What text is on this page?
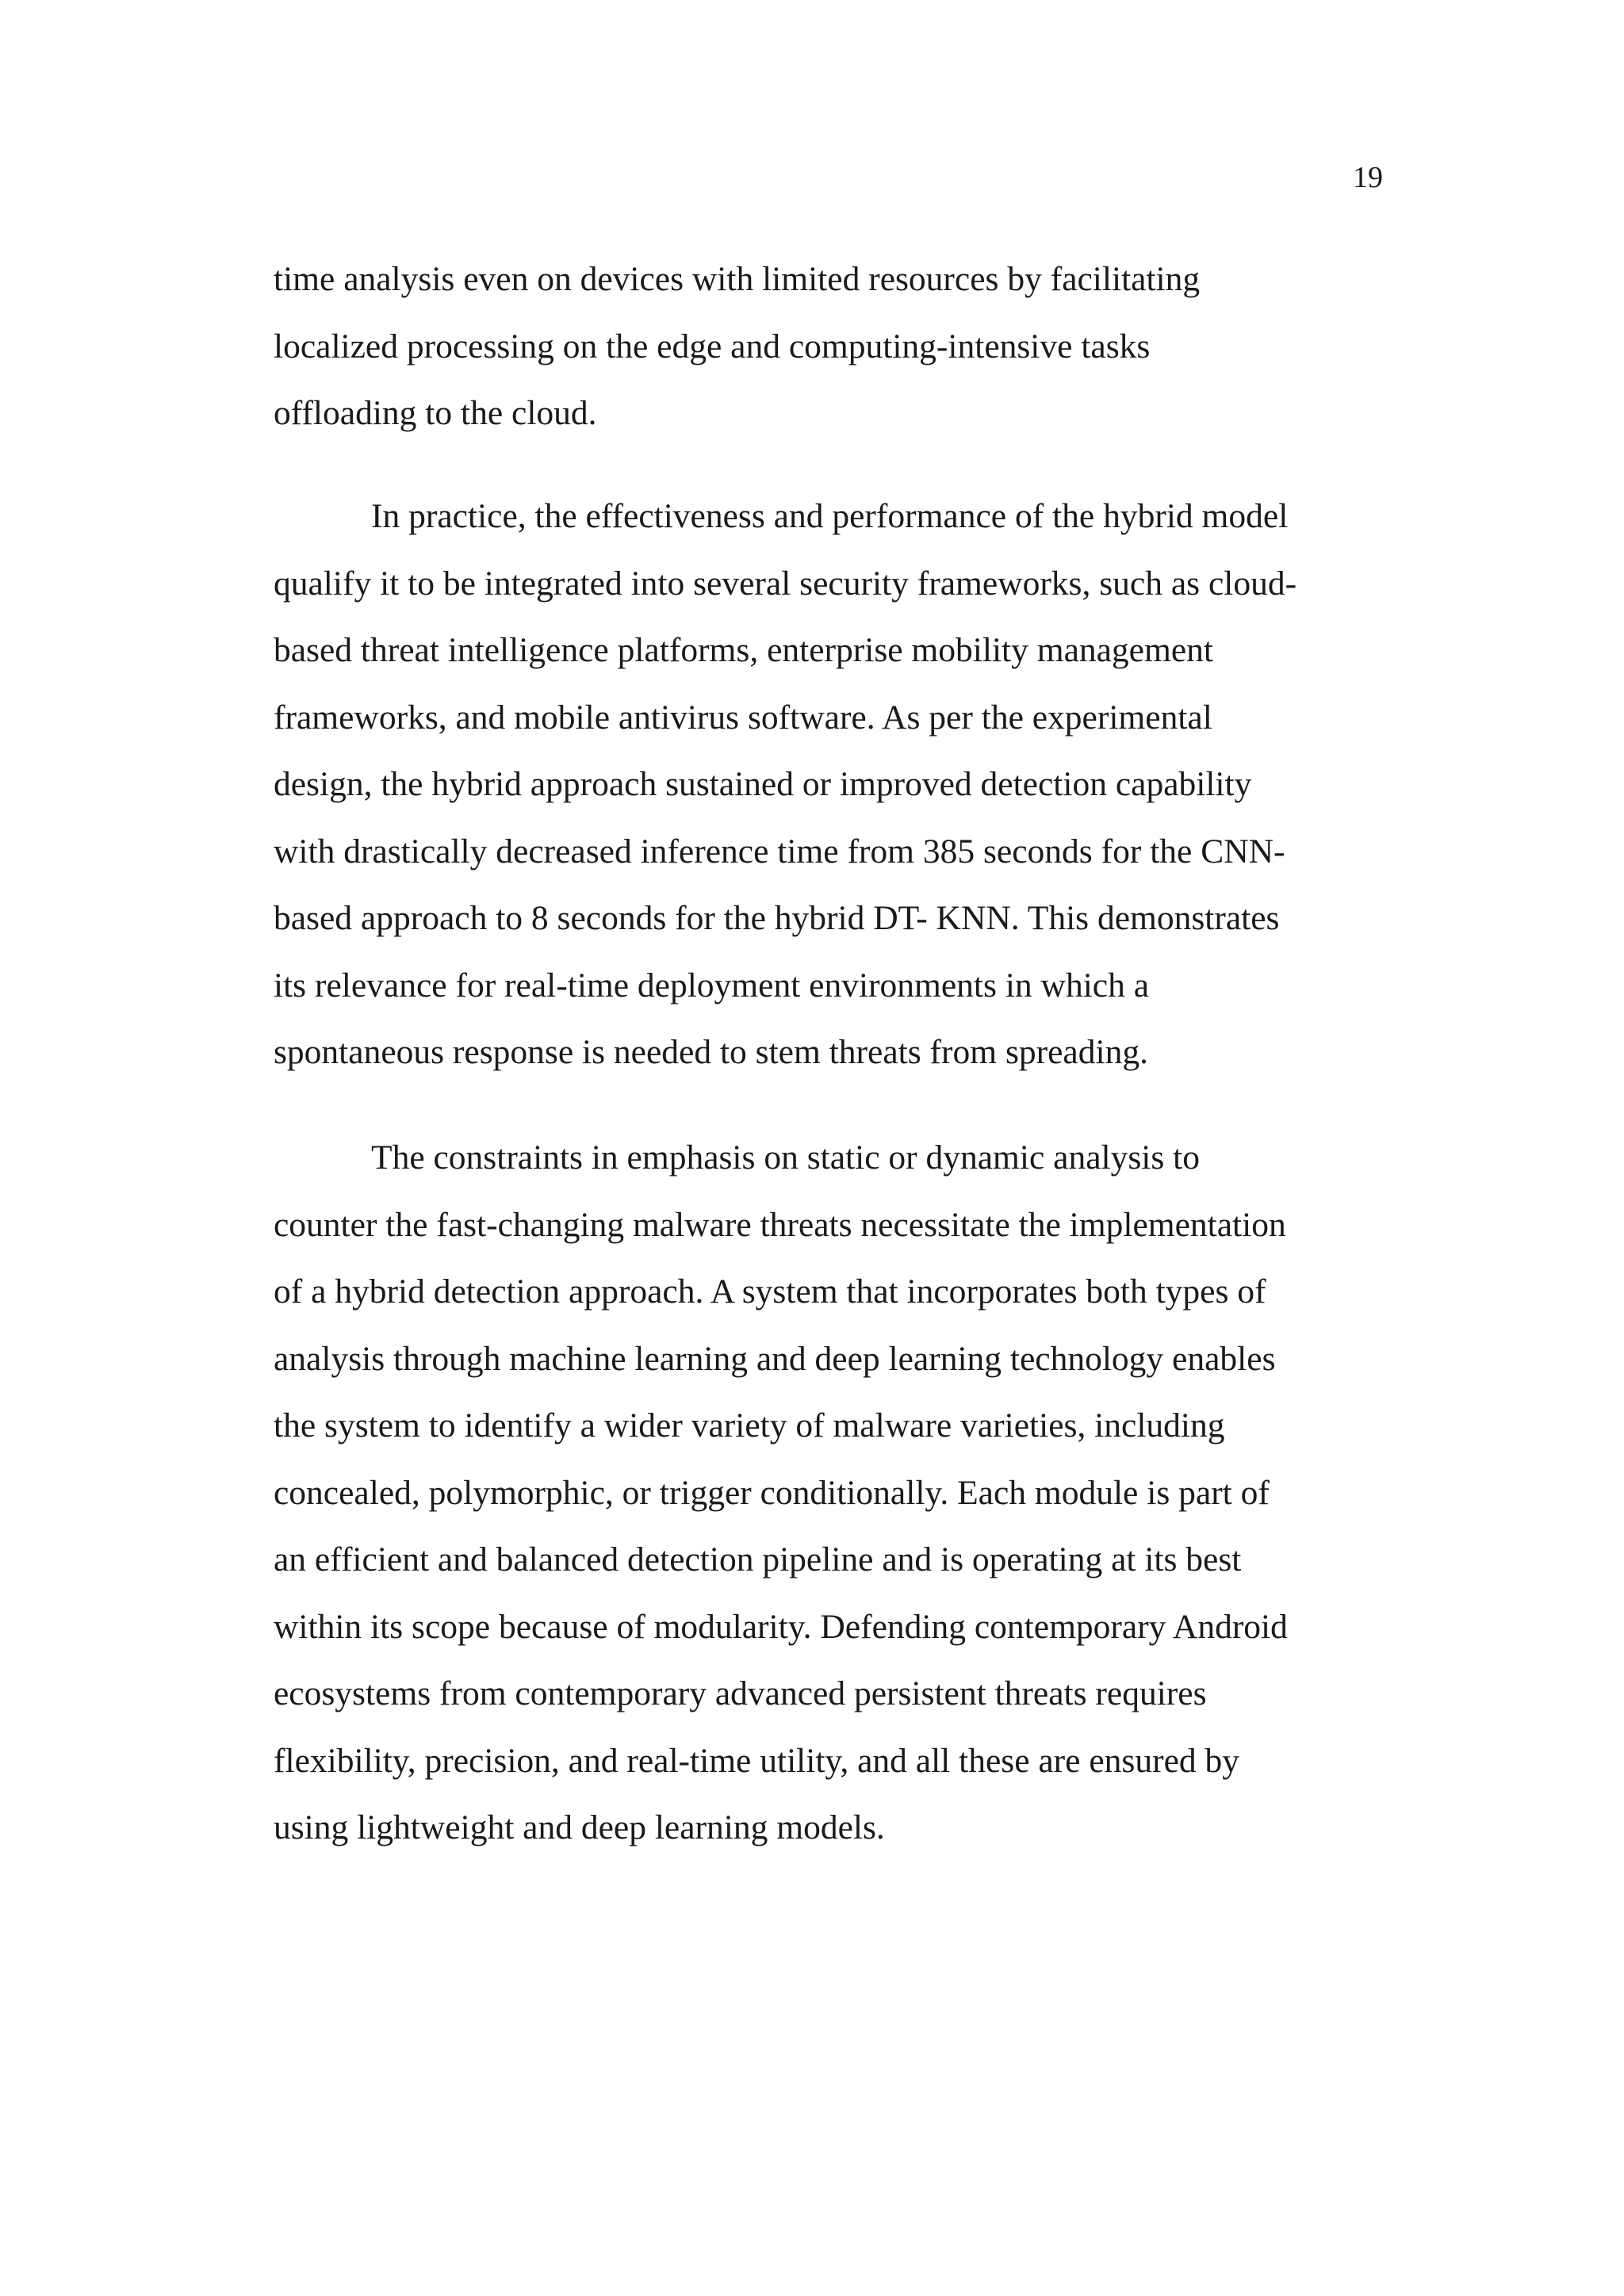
19

time analysis even on devices with limited resources by facilitating
localized processing on the edge and computing-intensive tasks
offloading to the cloud.

In practice, the effectiveness and performance of the hybrid model
qualify it to be integrated into several security frameworks, such as cloud-
based threat intelligence platforms, enterprise mobility management
frameworks, and mobile antivirus software. As per the experimental
design, the hybrid approach sustained or improved detection capability
with drastically decreased inference time from 385 seconds for the CNN-
based approach to 8 seconds for the hybrid DT- KNN. This demonstrates
its relevance for real-time deployment environments in which a
spontaneous response is needed to stem threats from spreading.

The constraints in emphasis on static or dynamic analysis to
counter the fast-changing malware threats necessitate the implementation
of a hybrid detection approach. A system that incorporates both types of
analysis through machine learning and deep learning technology enables
the system to identify a wider variety of malware varieties, including
concealed, polymorphic, or trigger conditionally. Each module is part of
an efficient and balanced detection pipeline and is operating at its best
within its scope because of modularity. Defending contemporary Android
ecosystems from contemporary advanced persistent threats requires
flexibility, precision, and real-time utility, and all these are ensured by
using lightweight and deep learning models.
